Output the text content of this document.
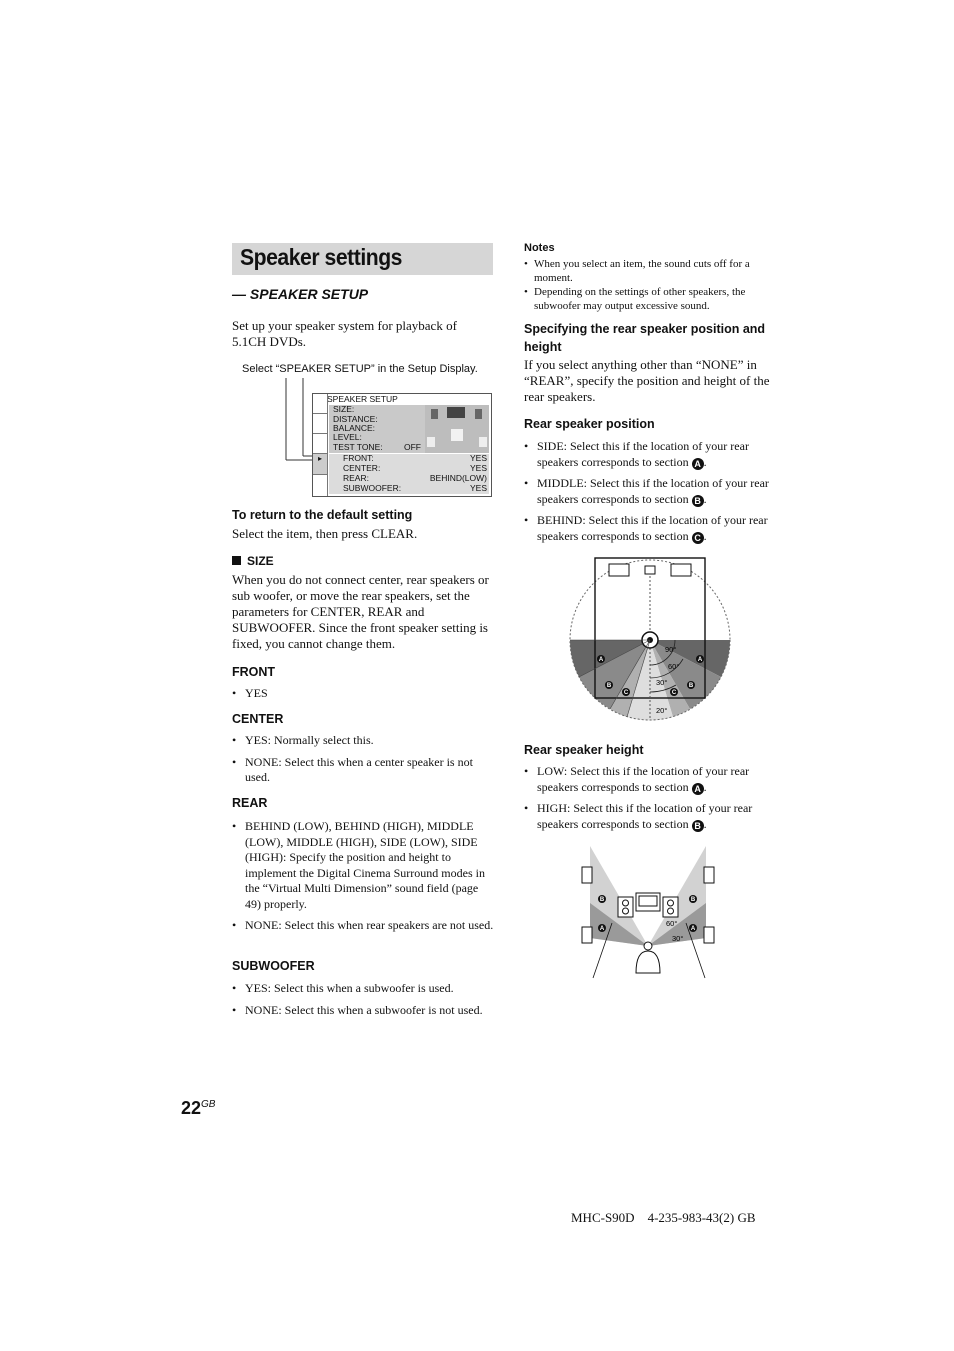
Speaker settings
— SPEAKER SETUP
Set up your speaker system for playback of 5.1CH DVDs.
Select “SPEAKER SETUP” in the Setup Display.
SPEAKER SETUP
▸
SIZE:
DISTANCE:
BALANCE:
LEVEL:
TEST TONE:	OFF
FRONT:	YES
CENTER:	YES
REAR:	BEHIND(LOW)
SUBWOOFER:	YES
To return to the default setting
Select the item, then press CLEAR.
SIZE
When you do not connect center, rear speakers or sub woofer, or move the rear speakers, set the parameters for CENTER, REAR and SUBWOOFER. Since the front speaker setting is fixed, you cannot change them.
FRONT
• YES
CENTER
• YES: Normally select this.
• NONE: Select this when a center speaker is not used.
REAR
• BEHIND (LOW), BEHIND (HIGH), MIDDLE (LOW), MIDDLE (HIGH), SIDE (LOW), SIDE (HIGH): Specify the position and height to implement the Digital Cinema Surround modes in the “Virtual Multi Dimension” sound field (page 49) properly.
• NONE: Select this when rear speakers are not used.
SUBWOOFER
• YES: Select this when a subwoofer is used.
• NONE: Select this when a subwoofer is not used.
Notes
• When you select an item, the sound cuts off for a moment.
• Depending on the settings of other speakers, the subwoofer may output excessive sound.
Specifying the rear speaker position and height
If you select anything other than “NONE” in “REAR”, specify the position and height of the rear speakers.
Rear speaker position
• SIDE: Select this if the location of your rear speakers corresponds to section A .
• MIDDLE: Select this if the location of your rear speakers corresponds to section B .
• BEHIND: Select this if the location of your rear speakers corresponds to section C .
90°
60°
30°
20°
A	A
B	B
C	C
Rear speaker height
• LOW: Select this if the location of your rear speakers corresponds to section A .
• HIGH: Select this if the location of your rear speakers corresponds to section B .
60°
30°
B	B
A	A
$22^{GB}$
MHC-S90D    4-235-983-43(2) GB
